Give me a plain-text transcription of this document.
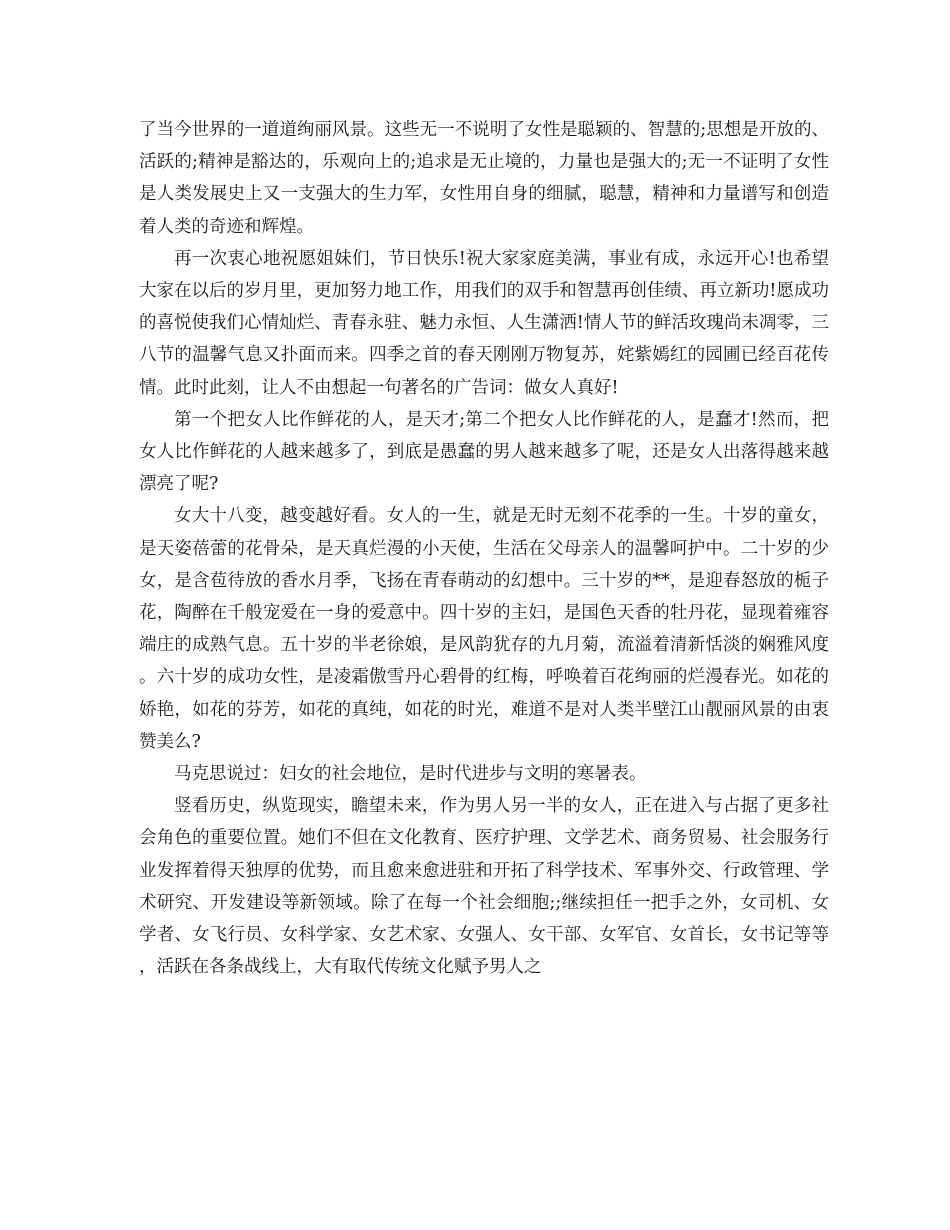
了当今世界的一道道绚丽风景。这些无一不说明了女性是聪颖的、智慧的;思想是开放的、活跃的;精神是豁达的，乐观向上的;追求是无止境的，力量也是强大的;无一不证明了女性是人类发展史上又一支强大的生力军，女性用自身的细腻，聪慧，精神和力量谱写和创造着人类的奇迹和辉煌。

再一次衷心地祝愿姐妹们，节日快乐!祝大家家庭美满，事业有成，永远开心!也希望大家在以后的岁月里，更加努力地工作，用我们的双手和智慧再创佳绩、再立新功!愿成功的喜悦使我们心情灿烂、青春永驻、魅力永恒、人生潇洒!情人节的鲜活玫瑰尚未凋零，三八节的温馨气息又扑面而来。四季之首的春天刚刚万物复苏，姹紫嫣红的园圃已经百花传情。此时此刻，让人不由想起一句著名的广告词：做女人真好!

第一个把女人比作鲜花的人，是天才;第二个把女人比作鲜花的人，是蠢才!然而，把女人比作鲜花的人越来越多了，到底是愚蠢的男人越来越多了呢，还是女人出落得越来越漂亮了呢?

女大十八变，越变越好看。女人的一生，就是无时无刻不花季的一生。十岁的童女，是天姿蓓蕾的花骨朵，是天真烂漫的小天使，生活在父母亲人的温馨呵护中。二十岁的少女，是含苞待放的香水月季，飞扬在青春萌动的幻想中。三十岁的**，是迎春怒放的栀子花，陶醉在千般宠爱在一身的爱意中。四十岁的主妇，是国色天香的牡丹花，显现着雍容端庄的成熟气息。五十岁的半老徐娘，是风韵犹存的九月菊，流溢着清新恬淡的娴雅风度。六十岁的成功女性，是凌霜傲雪丹心碧骨的红梅，呼唤着百花绚丽的烂漫春光。如花的娇艳，如花的芬芳，如花的真纯，如花的时光，难道不是对人类半壁江山靓丽风景的由衷赞美么?

马克思说过：妇女的社会地位，是时代进步与文明的寒暑表。

竖看历史，纵览现实，瞻望未来，作为男人另一半的女人，正在进入与占据了更多社会角色的重要位置。她们不但在文化教育、医疗护理、文学艺术、商务贸易、社会服务行业发挥着得天独厚的优势，而且愈来愈进驻和开拓了科学技术、军事外交、行政管理、学术研究、开发建设等新领域。除了在每一个社会细胞;;继续担任一把手之外，女司机、女学者、女飞行员、女科学家、女艺术家、女强人、女干部、女军官、女首长，女书记等等，活跃在各条战线上，大有取代传统文化赋予男人之
